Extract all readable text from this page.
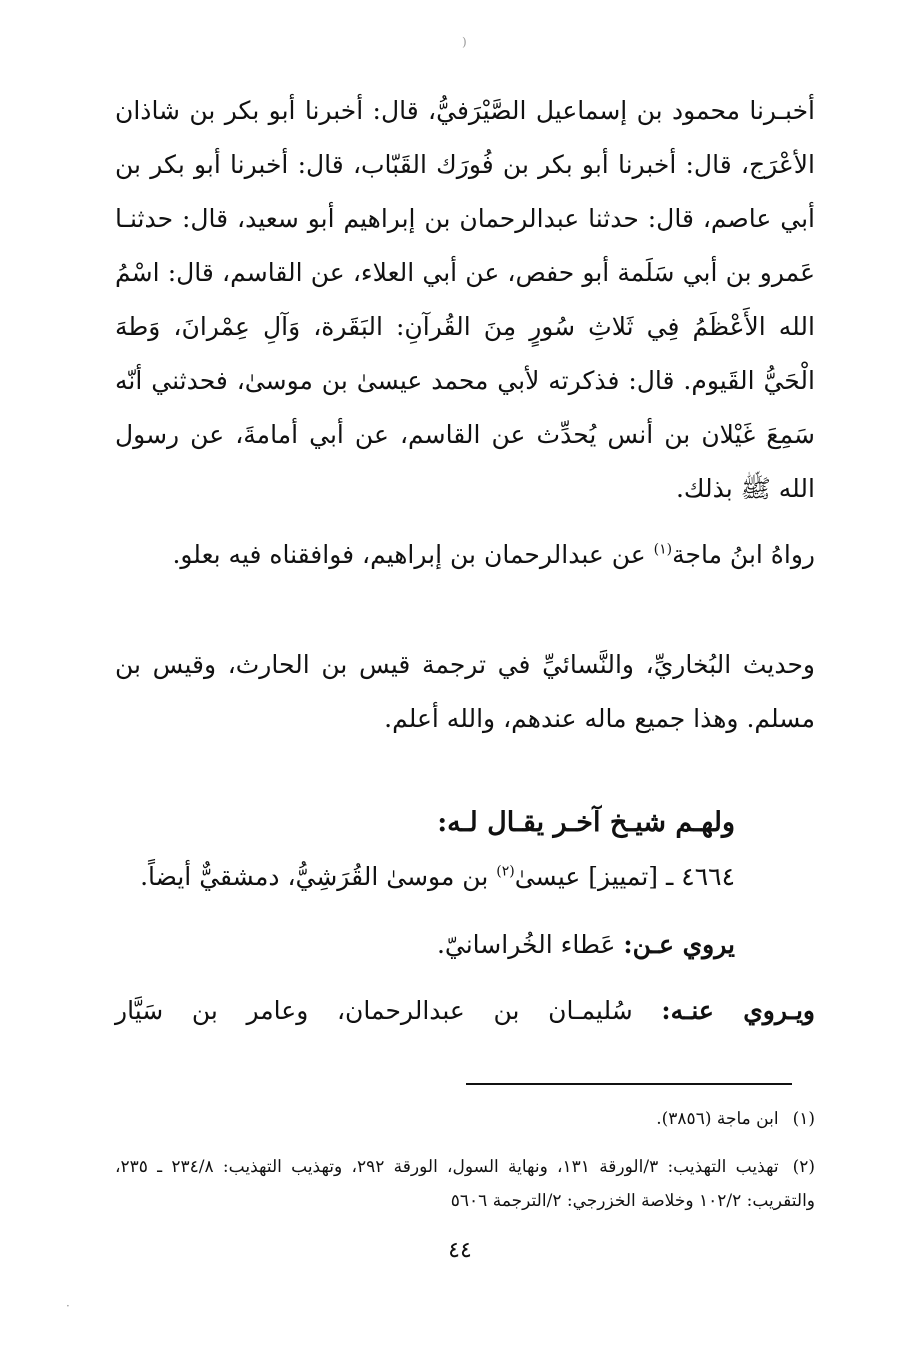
(

أخبـرنا محمود بن إسماعيل الصَّيْرَفيُّ، قال: أخبرنا أبو بكر بن شاذان الأعْرَج، قال: أخبرنا أبو بكر بن فُورَك القَبّاب، قال: أخبرنا أبو بكر بن أبي عاصم، قال: حدثنا عبدالرحمان بن إبراهيم أبو سعيد، قال: حدثنـا عَمرو بن أبي سَلَمة أبو حفص، عن أبي العلاء، عن القاسم، قال: اسْمُ الله الأَعْظَمُ فِي ثَلاثِ سُورٍ مِنَ القُرآنِ: البَقَرة، وَآلِ عِمْرانَ، وَطهَ الْحَيُّ القَيوم. قال: فذكرته لأبي محمد عيسىٰ بن موسىٰ، فحدثني أنّه سَمِعَ غَيْلان بن أنس يُحدِّث عن القاسم، عن أبي أمامةَ، عن رسول الله ﷺ بذلك.

رواهُ ابنُ ماجة$^{(١)}$ عن عبدالرحمان بن إبراهيم، فوافقناه فيه بعلو.

وحديث البُخاريِّ، والنَّسائيِّ في ترجمة قيس بن الحارث، وقيس بن مسلم. وهذا جميع ماله عندهم، والله أعلم.

ولهـم شيـخ آخـر يقـال لـه:
٤٦٦٤ ـ [تمييز] عيسىٰ$^{(٢)}$ بن موسىٰ القُرَشِيُّ، دمشقيٌّ أيضاً.
يروي عـن: عَطاء الخُراسانيّ.
ويـروي عنـه: سُليمـان بن عبدالرحمان، وعامر بن سَيَّار
(١)ابن ماجة (٣٨٥٦).
(٢)تهذيب التهذيب: ٣/الورقة ١٣١، ونهاية السول، الورقة ٢٩٢، وتهذيب التهذيب: ٢٣٤/٨ ـ ٢٣٥، والتقريب: ١٠٢/٢ وخلاصة الخزرجي: ٢/الترجمة ٥٦٠٦
٤٤
·
